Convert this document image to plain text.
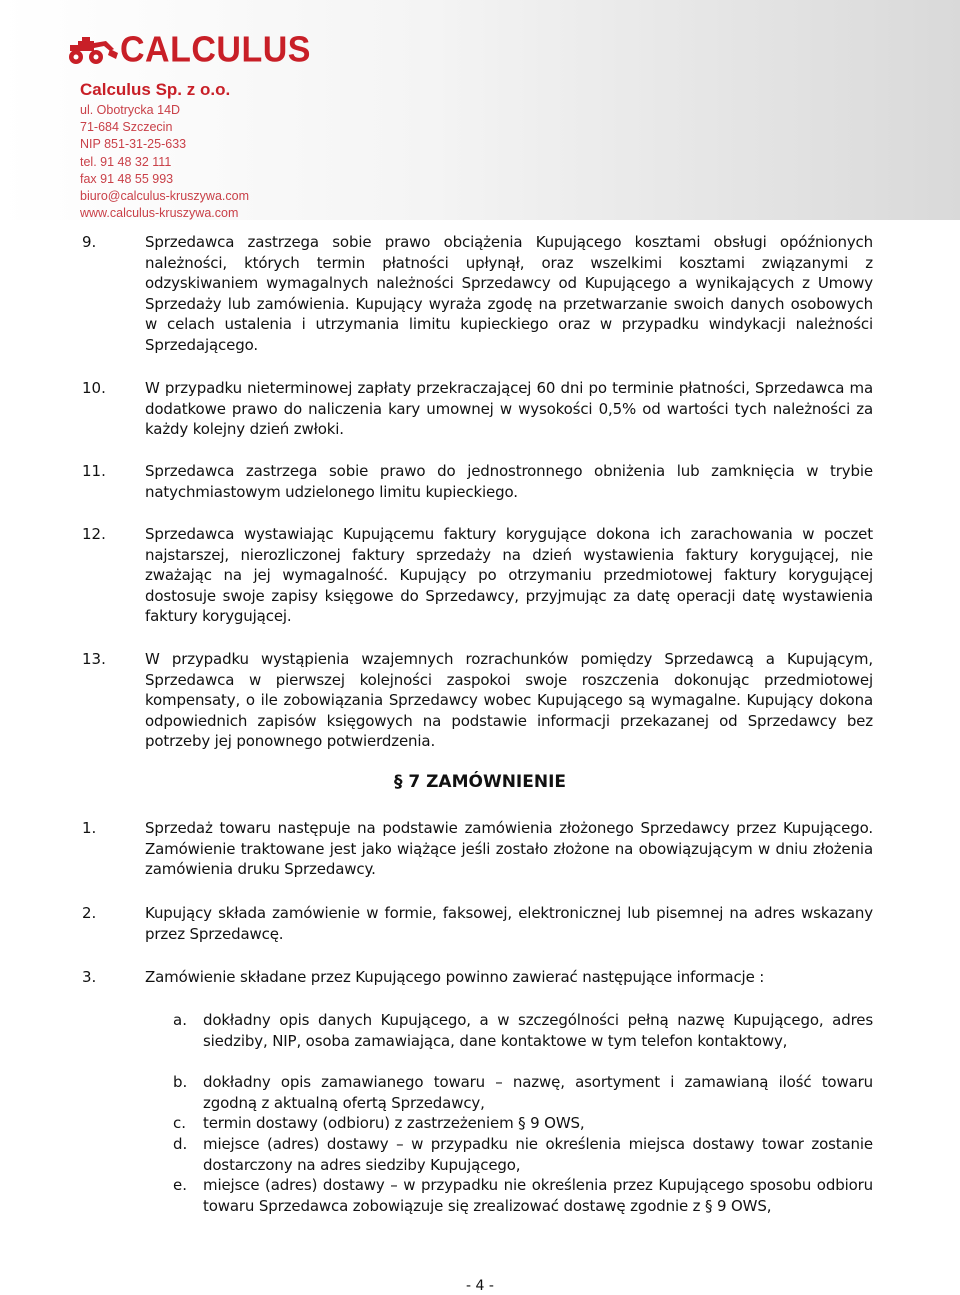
CALCULUS
Calculus Sp. z o.o.
ul. Obotrycka 14D
71-684 Szczecin
NIP 851-31-25-633
tel. 91 48 32 111
fax 91 48 55 993
biuro@calculus-kruszywa.com
www.calculus-kruszywa.com
9.	Sprzedawca zastrzega sobie prawo obciążenia Kupującego kosztami obsługi opóźnionych należności, których termin płatności upłynął, oraz wszelkimi kosztami związanymi z odzyskiwaniem wymagalnych należności Sprzedawcy od Kupującego a wynikających z Umowy Sprzedaży lub zamówienia. Kupujący wyraża zgodę na przetwarzanie swoich danych osobowych w celach ustalenia i utrzymania limitu kupieckiego oraz w przypadku windykacji należności Sprzedającego.
10.	W przypadku nieterminowej zapłaty przekraczającej 60 dni po terminie płatności, Sprzedawca ma dodatkowe prawo do naliczenia kary umownej w wysokości 0,5% od wartości tych należności za każdy kolejny dzień zwłoki.
11.	Sprzedawca zastrzega sobie prawo do jednostronnego obniżenia lub zamknięcia w trybie natychmiastowym udzielonego limitu kupieckiego.
12.	Sprzedawca wystawiając Kupującemu faktury korygujące dokona ich zarachowania w poczet najstarszej, nierozliczonej faktury sprzedaży na dzień wystawienia faktury korygującej, nie zważając na jej wymagalność. Kupujący po otrzymaniu przedmiotowej faktury korygującej dostosuje swoje zapisy księgowe do Sprzedawcy, przyjmując za datę operacji datę wystawienia faktury korygującej.
13.	W przypadku wystąpienia wzajemnych rozrachunków pomiędzy Sprzedawcą a Kupującym, Sprzedawca w pierwszej kolejności zaspokoi swoje roszczenia dokonując przedmiotowej kompensaty, o ile zobowiązania Sprzedawcy wobec Kupującego są wymagalne. Kupujący dokona odpowiednich zapisów księgowych na podstawie informacji przekazanej od Sprzedawcy bez potrzeby jej ponownego potwierdzenia.
§ 7 ZAMÓWNIENIE
1.	Sprzedaż towaru następuje na podstawie zamówienia złożonego Sprzedawcy przez Kupującego. Zamówienie traktowane jest jako wiążące jeśli zostało złożone na obowiązującym w dniu złożenia zamówienia druku Sprzedawcy.
2.	Kupujący składa zamówienie w formie, faksowej, elektronicznej lub pisemnej na adres wskazany przez Sprzedawcę.
3.	Zamówienie składane przez Kupującego powinno zawierać następujące informacje :
a. dokładny opis danych Kupującego, a w szczególności pełną nazwę Kupującego, adres siedziby, NIP, osoba zamawiająca, dane kontaktowe w tym telefon kontaktowy,
b. dokładny opis zamawianego towaru – nazwę, asortyment i zamawianą ilość towaru zgodną z aktualną ofertą Sprzedawcy,
c. termin dostawy (odbioru) z zastrzeżeniem § 9 OWS,
d. miejsce (adres) dostawy – w przypadku nie określenia miejsca dostawy towar zostanie dostarczony na adres siedziby Kupującego,
e. miejsce (adres) dostawy – w przypadku nie określenia przez Kupującego sposobu odbioru towaru Sprzedawca zobowiązuje się zrealizować dostawę zgodnie z § 9 OWS,
- 4 -
